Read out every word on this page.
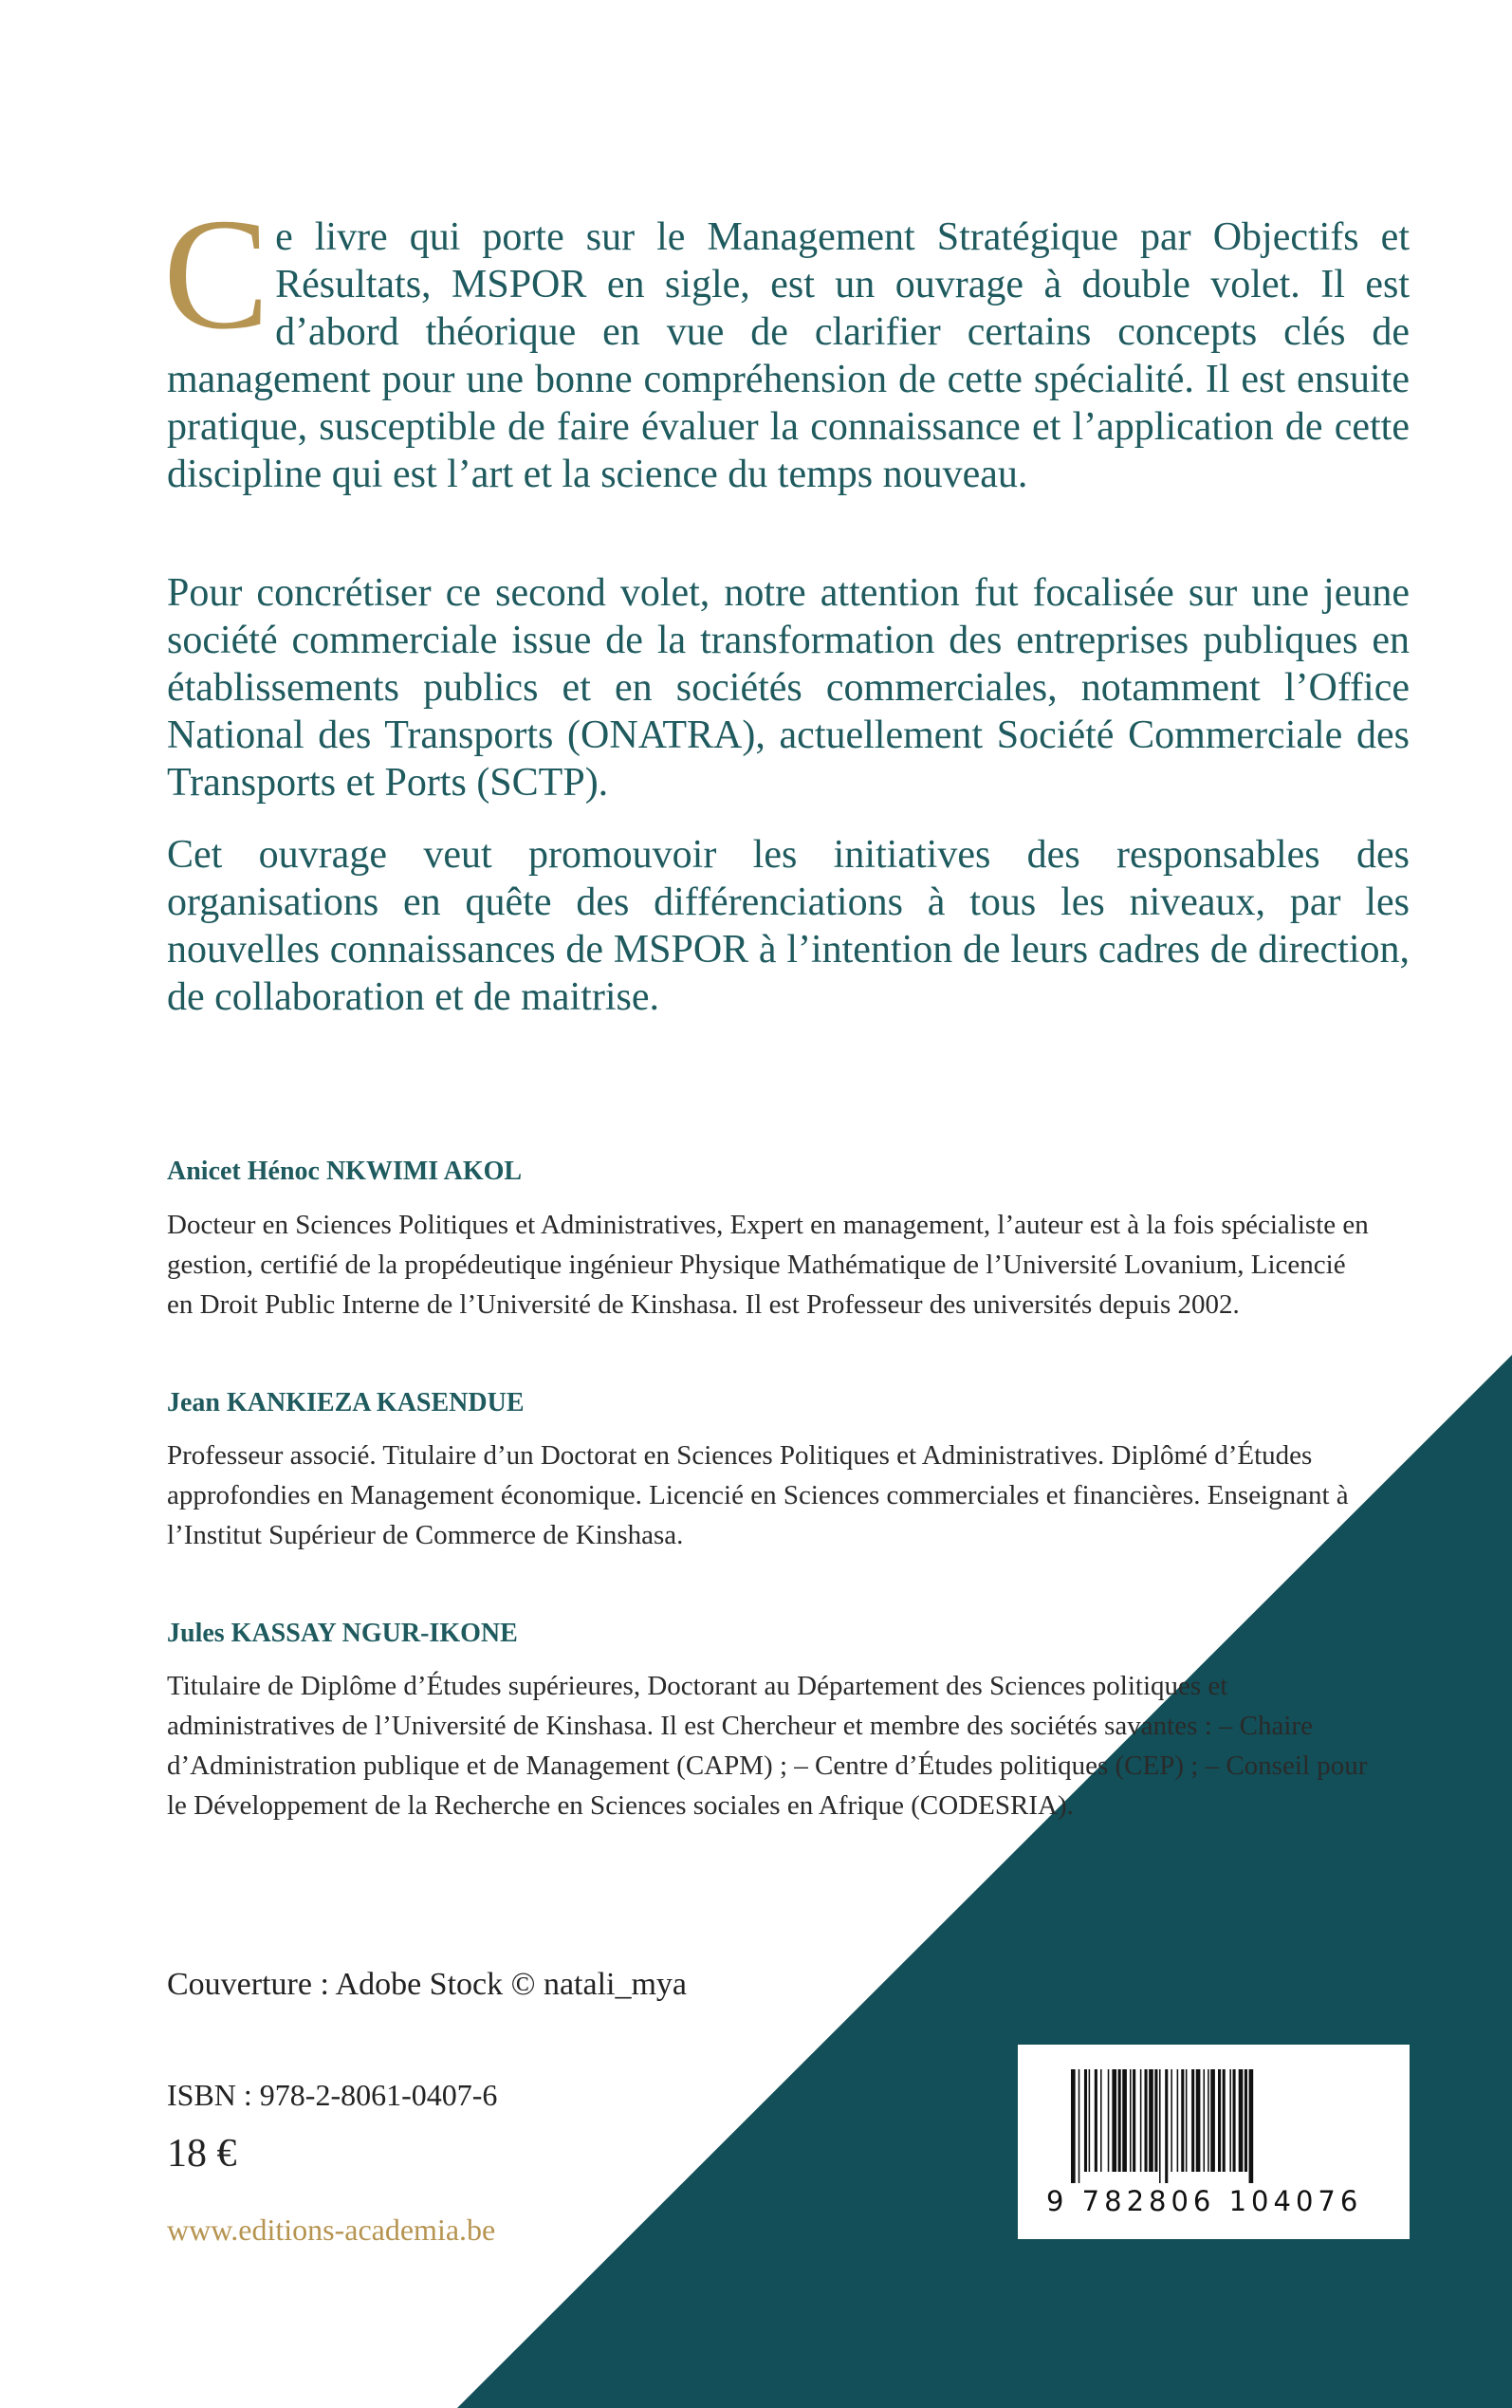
Ce livre qui porte sur le Management Stratégique par Objectifs et Résultats, MSPOR en sigle, est un ouvrage à double volet. Il est d’abord théorique en vue de clarifier certains concepts clés de management pour une bonne compréhension de cette spécialité. Il est ensuite pratique, susceptible de faire évaluer la connaissance et l’application de cette discipline qui est l’art et la science du temps nouveau.

Pour concrétiser ce second volet, notre attention fut focalisée sur une jeune société commerciale issue de la transformation des entreprises publiques en établissements publics et en sociétés commerciales, notamment l’Office National des Transports (ONATRA), actuellement Société Commerciale des Transports et Ports (SCTP).

Cet ouvrage veut promouvoir les initiatives des responsables des organisations en quête des différenciations à tous les niveaux, par les nouvelles connaissances de MSPOR à l’intention de leurs cadres de direction, de collaboration et de maitrise.

Anicet Hénoc NKWIMI AKOL

Docteur en Sciences Politiques et Administratives, Expert en management, l’auteur est à la fois spécialiste en gestion, certifié de la propédeutique ingénieur Physique Mathématique de l’Université Lovanium, Licencié en Droit Public Interne de l’Université de Kinshasa. Il est Professeur des universités depuis 2002.

Jean KANKIEZA KASENDUE

Professeur associé. Titulaire d’un Doctorat en Sciences Politiques et Administratives. Diplômé d’Études approfondies en Management économique. Licencié en Sciences commerciales et financières. Enseignant à l’Institut Supérieur de Commerce de Kinshasa.

Jules KASSAY NGUR-IKONE

Titulaire de Diplôme d’Études supérieures, Doctorant au Département des Sciences politiques et administratives de l’Université de Kinshasa. Il est Chercheur et membre des sociétés savantes : – Chaire d’Administration publique et de Management (CAPM) ; – Centre d’Études politiques (CEP) ; – Conseil pour le Développement de la Recherche en Sciences sociales en Afrique (CODESRIA).

Couverture : Adobe Stock © natali_mya

ISBN : 978-2-8061-0407-6

18 €

www.editions-academia.be

9 782806 104076
